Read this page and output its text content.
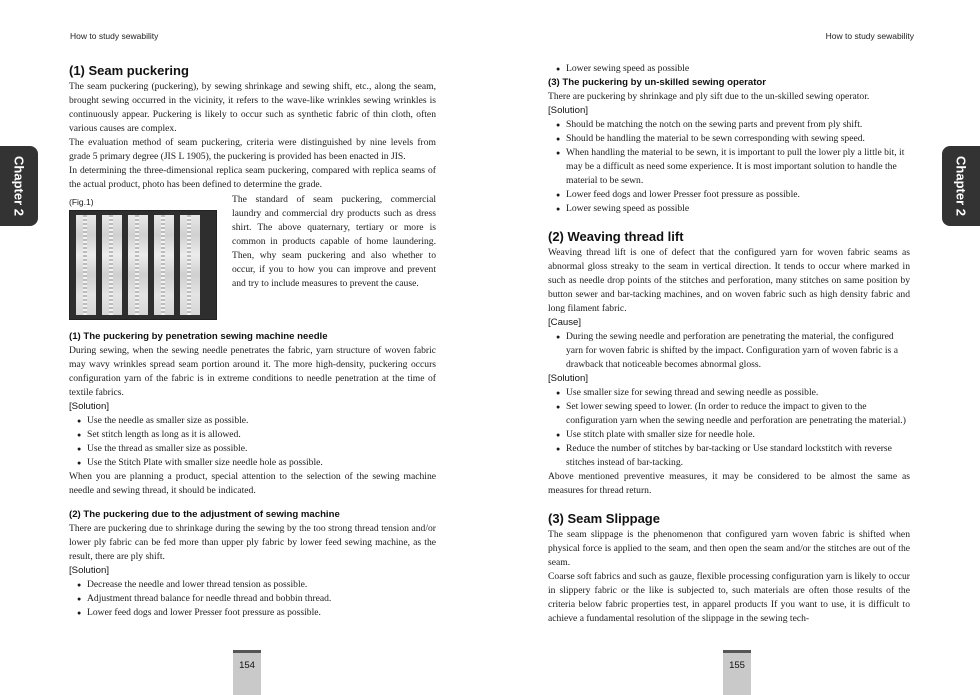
How to study sewability
Chapter 2
(1) Seam puckering

The seam puckering (puckering), by sewing shrinkage and sewing shift, etc., along the seam, brought sewing occurred in the vicinity, it refers to the wave-like wrinkles sewing wrinkles is continuously appear. Puckering is likely to occur such as synthetic fabric of thin cloth, often various causes are complex.

The evaluation method of seam puckering, criteria were distinguished by nine levels from grade 5 primary degree (JIS L 1905), the puckering is provided has been enacted in JIS.

In determining the three-dimensional replica seam puckering, compared with replica seams of the actual product, photo has been defined to determine the grade.

(Fig.1)	The standard of seam puckering, commercial laundry and commercial dry products such as dress shirt. The above quaternary, tertiary or more is common in products capable of home laundering. Then, why seam puckering and also whether to occur, if you to how you can improve and prevent and try to include measures to prevent the cause.

(1) The puckering by penetration sewing machine needle

During sewing, when the sewing needle penetrates the fabric, yarn structure of woven fabric may wavy wrinkles spread seam portion around it. The more high-density, puckering occurs configuration yarn of the fabric is in extreme conditions to needle penetration at the time of textile fabrics.

[Solution]
● Use the needle as smaller size as possible.
● Set stitch length as long as it is allowed.
● Use the thread as smaller size as possible.
● Use the Stitch Plate with smaller size needle hole as possible.

When you are planning a product, special attention to the selection of the sewing machine needle and sewing thread, it should be indicated.

(2) The puckering due to the adjustment of sewing machine

There are puckering due to shrinkage during the sewing by the too strong thread tension and/or lower ply fabric can be fed more than upper ply fabric by lower feed sewing machine, as the result, there are ply shift.

[Solution]
● Decrease the needle and lower thread tension as possible.
● Adjustment thread balance for needle thread and bobbin thread.
● Lower feed dogs and lower Presser foot pressure as possible.
154
How to study sewability
Chapter 2
● Lower sewing speed as possible
(3) The puckering by un-skilled sewing operator

There are puckering by shrinkage and ply sift due to the un-skilled sewing operator.

[Solution]
● Should be matching the notch on the sewing parts and prevent from ply shift.
● Should be handling the material to be sewn corresponding with sewing speed.
● When handling the material to be sewn, it is important to pull the lower ply a little bit, it may be a difficult as need some experience. It is most important solution to handle the material to be sewn.
● Lower feed dogs and lower Presser foot pressure as possible.
● Lower sewing speed as possible
(2) Weaving thread lift

Weaving thread lift is one of defect that the configured yarn for woven fabric seams as abnormal gloss streaky to the seam in vertical direction. It tends to occur where marked in such as needle drop points of the stitches and perforation, many stitches on same position by button sewer and bar-tacking machines, and on woven fabric such as high density fabric and long filament fabric.

[Cause]
● During the sewing needle and perforation are penetrating the material, the configured yarn for woven fabric is shifted by the impact. Configuration yarn of woven fabric is a drawback that noticeable becomes abnormal gloss.
[Solution]
● Use smaller size for sewing thread and sewing needle as possible.
● Set lower sewing speed to lower. (In order to reduce the impact to given to the configuration yarn when the sewing needle and perforation are penetrating the material.)
● Use stitch plate with smaller size for needle hole.
● Reduce the number of stitches by bar-tacking or Use standard lockstitch with reverse stitches instead of bar-tacking.

Above mentioned preventive measures, it may be considered to be almost the same as measures for thread return.

(3) Seam Slippage

The seam slippage is the phenomenon that configured yarn woven fabric is shifted when physical force is applied to the seam, and then open the seam and/or the stitches are out of the seam.

Coarse soft fabrics and such as gauze, flexible processing configuration yarn is likely to occur in slippery fabric or the like is subjected to, such materials are often those results of the criteria below fabric properties test, in apparel products If you want to use, it is difficult to achieve a fundamental resolution of the slippage in the sewing tech-

155
